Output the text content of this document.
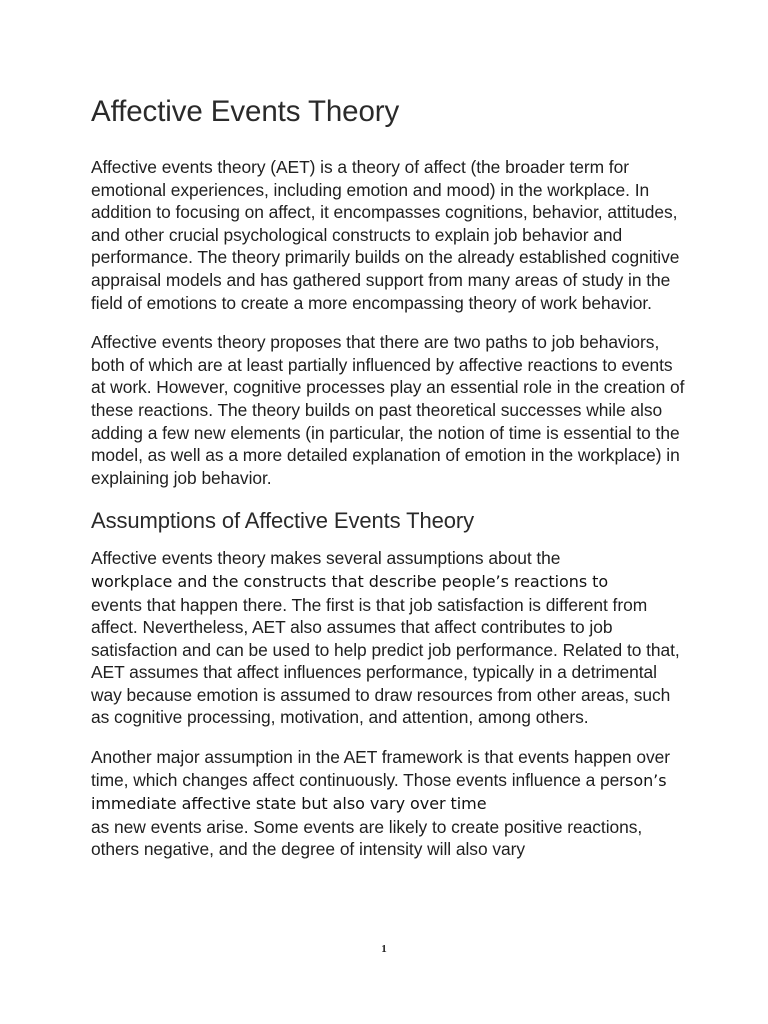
Affective Events Theory

Affective events theory (AET) is a theory of affect (the broader term for emotional experiences, including emotion and mood) in the workplace. In addition to focusing on affect, it encompasses cognitions, behavior, attitudes, and other crucial psychological constructs to explain job behavior and performance. The theory primarily builds on the already established cognitive appraisal models and has gathered support from many areas of study in the field of emotions to create a more encompassing theory of work behavior.

Affective events theory proposes that there are two paths to job behaviors, both of which are at least partially influenced by affective reactions to events at work. However, cognitive processes play an essential role in the creation of these reactions. The theory builds on past theoretical successes while also adding a few new elements (in particular, the notion of time is essential to the model, as well as a more detailed explanation of emotion in the workplace) in explaining job behavior.

Assumptions of Affective Events Theory

Affective events theory makes several assumptions about the
workplace and the constructs that describe people’s reactions to
events that happen there. The first is that job satisfaction is different from affect. Nevertheless, AET also assumes that affect contributes to job satisfaction and can be used to help predict job performance. Related to that, AET assumes that affect influences performance, typically in a detrimental way because emotion is assumed to draw resources from other areas, such as cognitive processing, motivation, and attention, among others.

Another major assumption in the AET framework is that events happen over time, which changes affect continuously. Those events influence a person’s immediate affective state but also vary over time
as new events arise. Some events are likely to create positive reactions, others negative, and the degree of intensity will also vary

1
